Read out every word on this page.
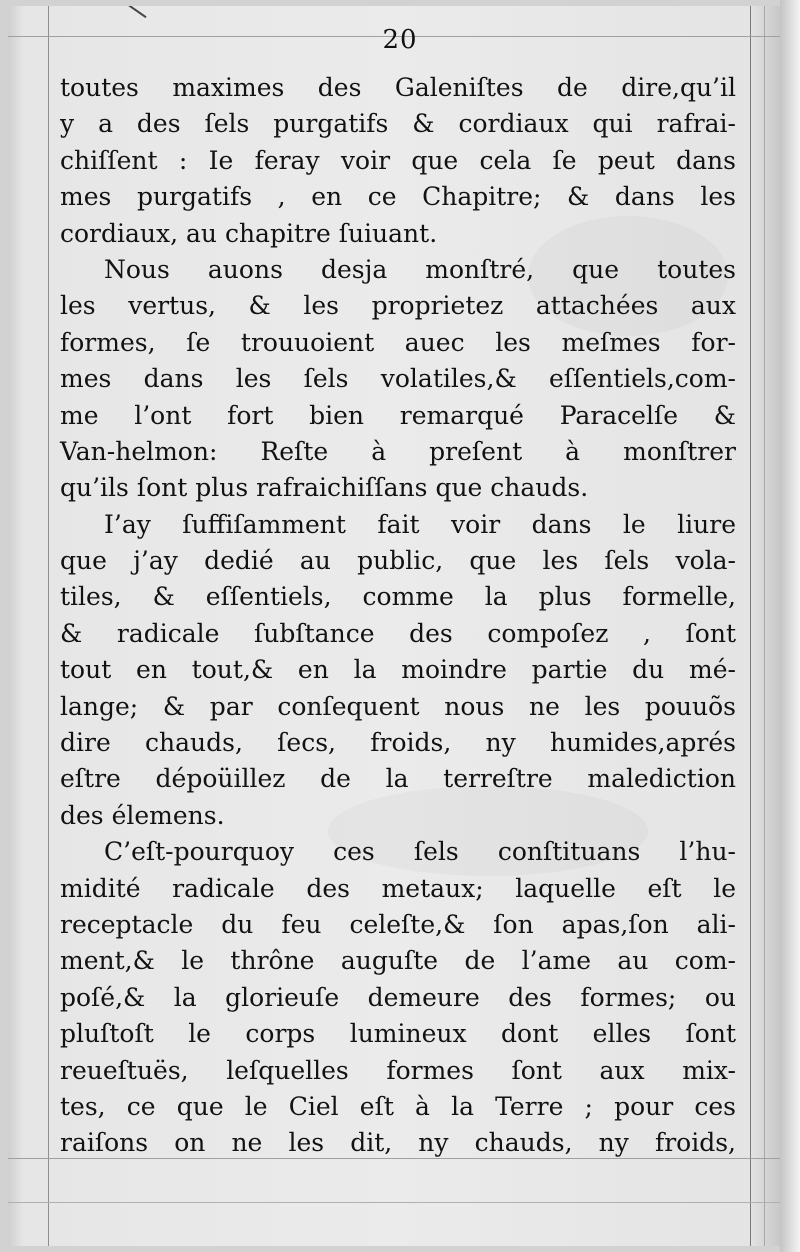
20
toutes maximes des Galeniſtes de dire,qu’il
y a des ſels purgatifs & cordiaux qui rafrai-
chiſſent : Ie feray voir que cela ſe peut dans
mes purgatifs , en ce Chapitre; & dans les
cordiaux, au chapitre ſuiuant.
Nous auons desja monſtré, que toutes
les vertus, & les proprietez attachées aux
formes, ſe trouuoient auec les meſmes for-
mes dans les ſels volatiles,& eſſentiels,com-
me l’ont fort bien remarqué Paracelſe &
Van-helmon: Reſte à preſent à monſtrer
qu’ils ſont plus rafraichiſſans que chauds.
I’ay ſuffiſamment fait voir dans le liure
que j’ay dedié au public, que les ſels vola-
tiles, & eſſentiels, comme la plus formelle,
& radicale ſubſtance des compoſez , ſont
tout en tout,& en la moindre partie du mé-
lange; & par conſequent nous ne les pouuõs
dire chauds, ſecs, froids, ny humides,aprés
eſtre dépoüillez de la terreſtre malediction
des élemens.
C’eſt-pourquoy ces ſels conſtituans l’hu-
midité radicale des metaux; laquelle eſt le
receptacle du feu celeſte,& ſon apas,ſon ali-
ment,& le thrône auguſte de l’ame au com-
poſé,& la glorieuſe demeure des formes; ou
pluſtoſt le corps lumineux dont elles ſont
reueſtuës, leſquelles formes ſont aux mix-
tes, ce que le Ciel eſt à la Terre ; pour ces
raiſons on ne les dit, ny chauds, ny froids,
